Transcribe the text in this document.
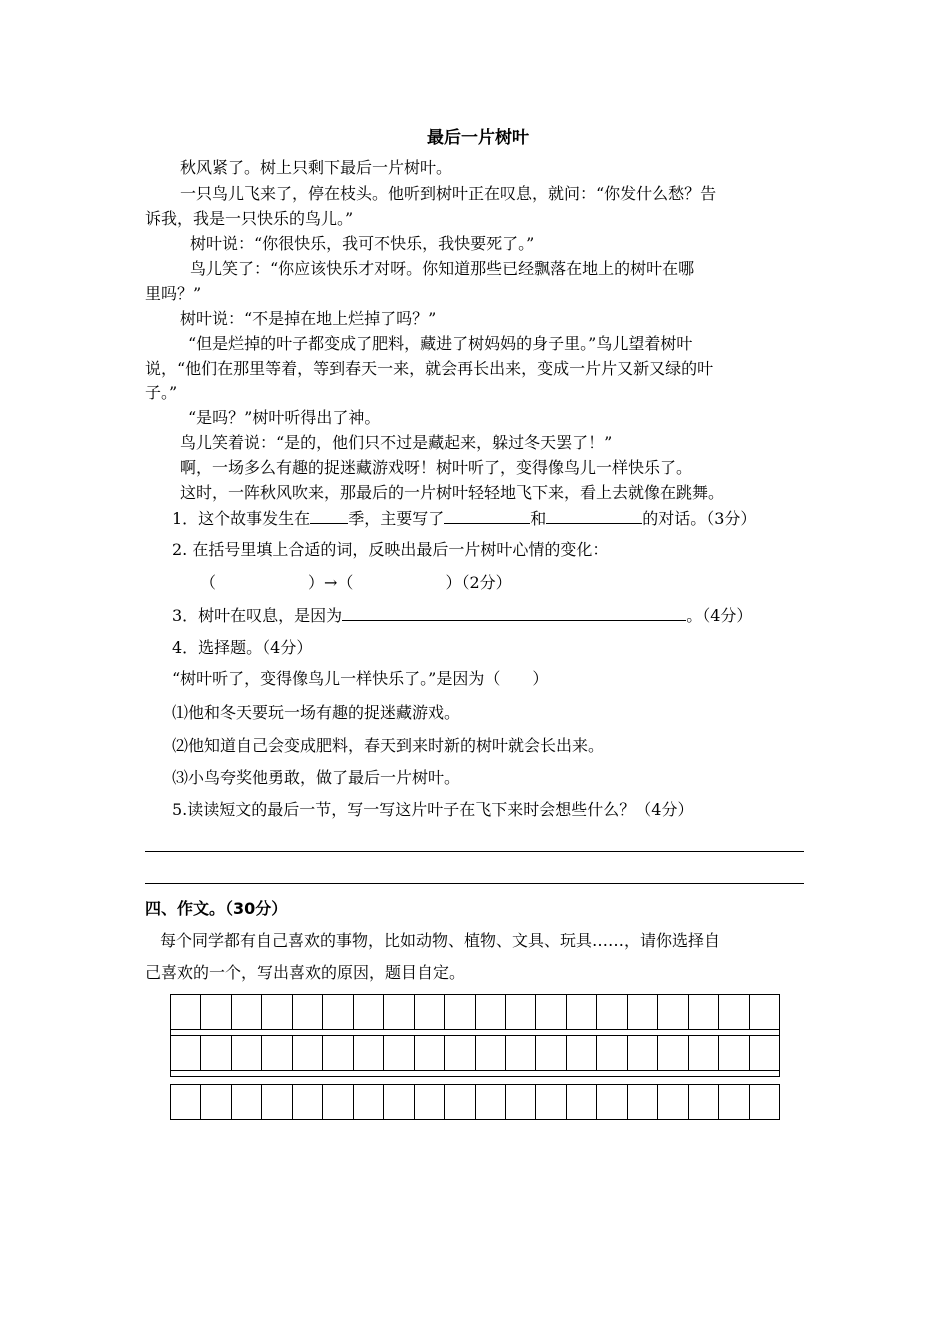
最后一片树叶
秋风紧了。树上只剩下最后一片树叶。
一只鸟儿飞来了，停在枝头。他听到树叶正在叹息，就问：“你发什么愁？告
诉我，我是一只快乐的鸟儿。”
树叶说：“你很快乐，我可不快乐，我快要死了。”
鸟儿笑了：“你应该快乐才对呀。你知道那些已经飘落在地上的树叶在哪
里吗？”
树叶说：“不是掉在地上烂掉了吗？”
“但是烂掉的叶子都变成了肥料，藏进了树妈妈的身子里。”鸟儿望着树叶
说，“他们在那里等着，等到春天一来，就会再长出来，变成一片片又新又绿的叶
子。”
“是吗？”树叶听得出了神。
鸟儿笑着说：“是的，他们只不过是藏起来，躲过冬天罢了！”
啊，一场多么有趣的捉迷藏游戏呀！树叶听了，变得像鸟儿一样快乐了。
这时，一阵秋风吹来，那最后的一片树叶轻轻地飞下来，看上去就像在跳舞。
1．这个故事发生在 季，主要写了	和	的对话。（3分）
2. 在括号里填上合适的词，反映出最后一片树叶心情的变化：
（	）→（	）（2分）
3．树叶在叹息，是因为	。（4分）
4．选择题。（4分）
“树叶听了，变得像鸟儿一样快乐了。”是因为（　　）
⑴他和冬天要玩一场有趣的捉迷藏游戏。
⑵他知道自己会变成肥料，春天到来时新的树叶就会长出来。
⑶小鸟夸奖他勇敢，做了最后一片树叶。
5.读读短文的最后一节，写一写这片叶子在飞下来时会想些什么？（4分）
四、作文。（30分）
每个同学都有自己喜欢的事物，比如动物、植物、文具、玩具……，请你选择自
己喜欢的一个，写出喜欢的原因，题目自定。
